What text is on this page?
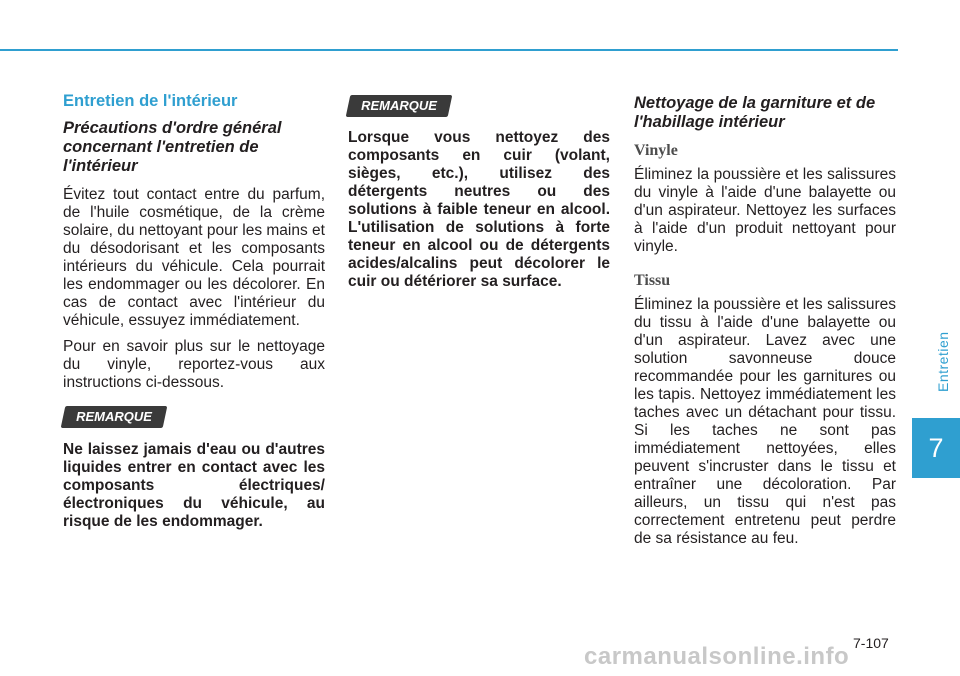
Entretien
7
Entretien de l'intérieur
Précautions d'ordre général concernant l'entretien de l'intérieur

Évitez tout contact entre du parfum, de l'huile cosmétique, de la crème solaire, du nettoyant pour les mains et du désodorisant et les composants intérieurs du véhicule. Cela pourrait les endommager ou les décolorer. En cas de contact avec l'intérieur du véhicule, essuyez immédiatement.

Pour en savoir plus sur le nettoyage du vinyle, reportez-vous aux instructions ci-dessous.

REMARQUE

Ne laissez jamais d'eau ou d'autres liquides entrer en contact avec les composants électriques/électroniques du véhicule, au risque de les endommager.

REMARQUE

Lorsque vous nettoyez des composants en cuir (volant, sièges, etc.), utilisez des détergents neutres ou des solutions à faible teneur en alcool. L'utilisation de solutions à forte teneur en alcool ou de détergents acides/alcalins peut décolorer le cuir ou détériorer sa surface.

Nettoyage de la garniture et de l'habillage intérieur
Vinyle

Éliminez la poussière et les salissures du vinyle à l'aide d'une balayette ou d'un aspirateur. Nettoyez les surfaces à l'aide d'un produit nettoyant pour vinyle.

Tissu

Éliminez la poussière et les salissures du tissu à l'aide d'une balayette ou d'un aspirateur. Lavez avec une solution savonneuse douce recommandée pour les garnitures ou les tapis. Nettoyez immédiatement les taches avec un détachant pour tissu. Si les taches ne sont pas immédiatement nettoyées, elles peuvent s'incruster dans le tissu et entraîner une décoloration. Par ailleurs, un tissu qui n'est pas correctement entretenu peut perdre de sa résistance au feu.

7-107
carmanualsonline.info
